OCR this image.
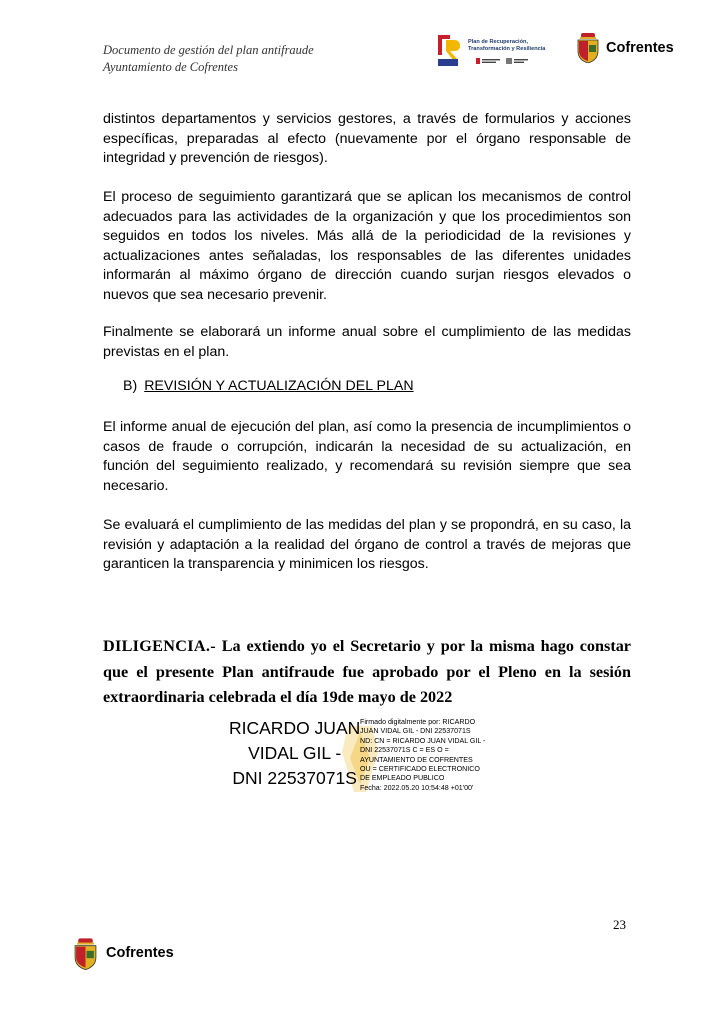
Documento de gestión del plan antifraude
Ayuntamiento de Cofrentes
Plan de Recuperación,
Transformación y Resiliencia	Cofrentes

distintos departamentos y servicios gestores, a través de formularios y acciones específicas, preparadas al efecto (nuevamente por el órgano responsable de integridad y prevención de riesgos).

El proceso de seguimiento garantizará que se aplican los mecanismos de control adecuados para las actividades de la organización y que los procedimientos son seguidos en todos los niveles. Más allá de la periodicidad de la revisiones y actualizaciones antes señaladas, los responsables de las diferentes unidades informarán al máximo órgano de dirección cuando surjan riesgos elevados o nuevos que sea necesario prevenir.

Finalmente se elaborará un informe anual sobre el cumplimiento de las medidas previstas en el plan.

B) REVISIÓN Y ACTUALIZACIÓN DEL PLAN

El informe anual de ejecución del plan, así como la presencia de incumplimientos o casos de fraude o corrupción, indicarán la necesidad de su actualización, en función del seguimiento realizado, y recomendará su revisión siempre que sea necesario.

Se evaluará el cumplimiento de las medidas del plan y se propondrá, en su caso, la revisión y adaptación a la realidad del órgano de control a través de mejoras que garanticen la transparencia y minimicen los riesgos.

DILIGENCIA.- La extiendo yo el Secretario y por la misma hago constar que el presente Plan antifraude fue aprobado por el Pleno en la sesión extraordinaria celebrada el día 19de mayo de 2022
RICARDO JUAN
VIDAL GIL -
DNI 22537071S
Firmado digitalmente por: RICARDO
JUAN VIDAL GIL - DNI 22537071S
ND: CN = RICARDO JUAN VIDAL GIL -
DNI 22537071S C = ES O =
AYUNTAMIENTO DE COFRENTES
OU = CERTIFICADO ELECTRONICO
DE EMPLEADO PUBLICO
Fecha: 2022.05.20 10:54:48 +01'00'
23
Cofrentes
